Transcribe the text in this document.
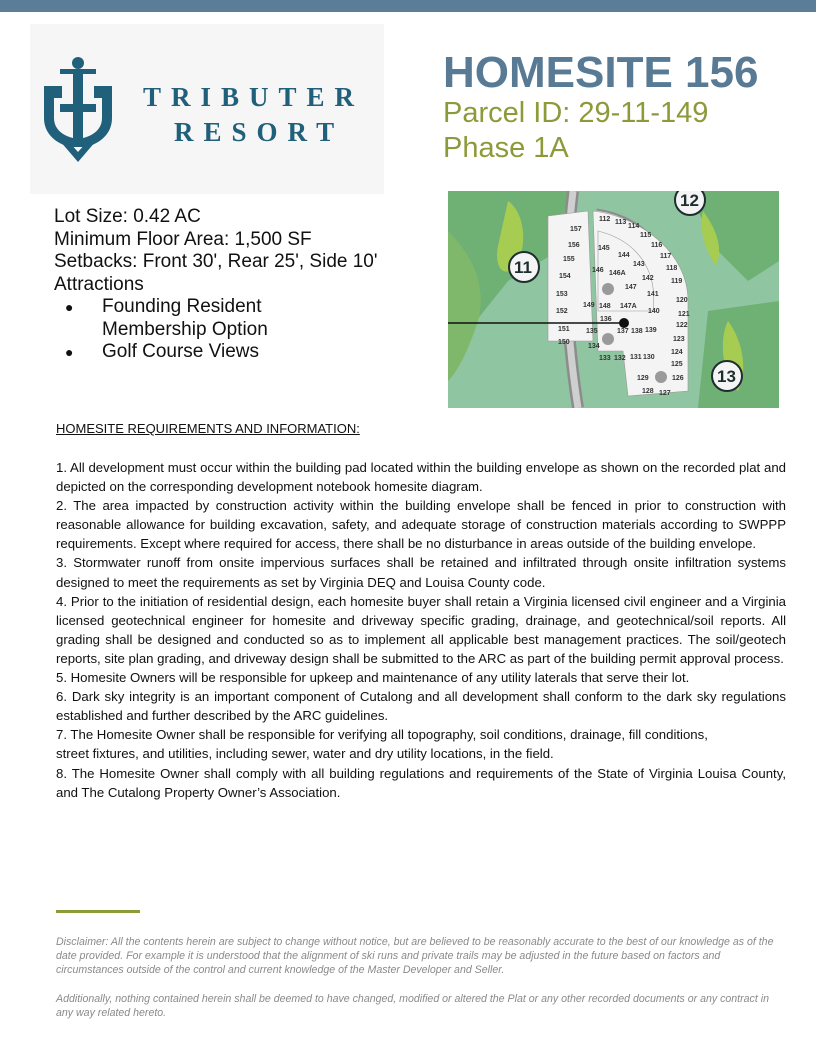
TRIBUTER
RESORT
HOMESITE 156
Parcel ID: 29-11-149
Phase 1A
Lot Size: 0.42 AC
Minimum Floor Area: 1,500 SF
Setbacks: Front 30', Rear 25', Side 10'
Attractions
● Founding Resident Membership Option
● Golf Course Views
157
156
155
154
153
152
151
150
112 113
114
115
116
117
118
119
120
121
122
123
124
125
126
127
128
129
130
131
132
133
134
135
136
137 138 139
140
141
142
143
144
145
146 146A
147
147A
148
149
11
12
13
HOMESITE REQUIREMENTS AND INFORMATION:

1. All development must occur within the building pad located within the building envelope as shown on the recorded plat and depicted on the corresponding development notebook homesite diagram.

2. The area impacted by construction activity within the building envelope shall be fenced in prior to construction with reasonable allowance for building excavation, safety, and adequate storage of construction materials according to SWPPP requirements. Except where required for access, there shall be no disturbance in areas outside of the building envelope.

3. Stormwater runoff from onsite impervious surfaces shall be retained and infiltrated through onsite infiltration systems designed to meet the requirements as set by Virginia DEQ and Louisa County code.

4. Prior to the initiation of residential design, each homesite buyer shall retain a Virginia licensed civil engineer and a Virginia licensed geotechnical engineer for homesite and driveway specific grading, drainage, and geotechnical/soil reports. All grading shall be designed and conducted so as to implement all applicable best management practices. The soil/geotech reports, site plan grading, and driveway design shall be submitted to the ARC as part of the building permit approval process.

5. Homesite Owners will be responsible for upkeep and maintenance of any utility laterals that serve their lot.

6. Dark sky integrity is an important component of Cutalong and all development shall conform to the dark sky regulations established and further described by the ARC guidelines.

7. The Homesite Owner shall be responsible for verifying all topography, soil conditions, drainage, fill conditions,

street fixtures, and utilities, including sewer, water and dry utility locations, in the field.

8. The Homesite Owner shall comply with all building regulations and requirements of the State of Virginia Louisa County, and The Cutalong Property Owner’s Association.

Disclaimer: All the contents herein are subject to change without notice, but are believed to be reasonably accurate to the best of our knowledge as of the date provided. For example it is understood that the alignment of ski runs and private trails may be adjusted in the future based on factors and circumstances outside of the control and current knowledge of the Master Developer and Seller.
Additionally, nothing contained herein shall be deemed to have changed, modified or altered the Plat or any other recorded documents or any contract in any way related hereto.
